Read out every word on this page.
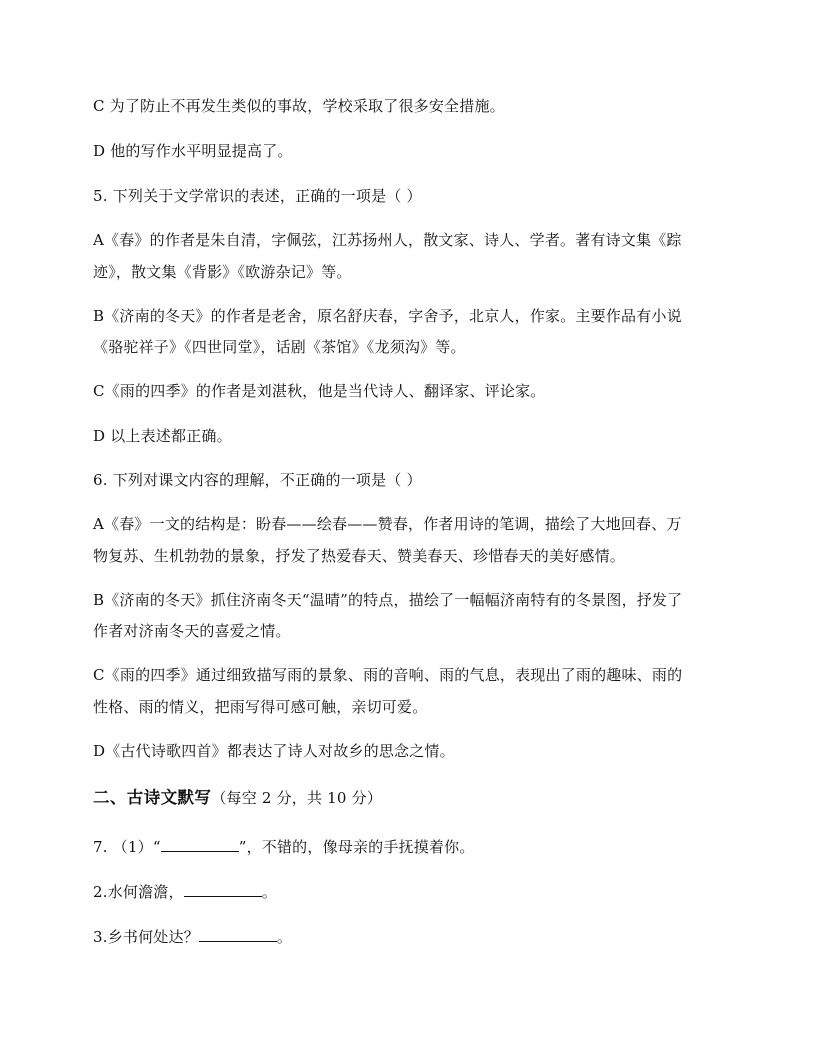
C 为了防止不再发生类似的事故，学校采取了很多安全措施。
D 他的写作水平明显提高了。
5. 下列关于文学常识的表述，正确的一项是（ ）
A《春》的作者是朱自清，字佩弦，江苏扬州人，散文家、诗人、学者。著有诗文集《踪
迹》，散文集《背影》《欧游杂记》等。
B《济南的冬天》的作者是老舍，原名舒庆春，字舍予，北京人，作家。主要作品有小说
《骆驼祥子》《四世同堂》，话剧《茶馆》《龙须沟》等。
C《雨的四季》的作者是刘湛秋，他是当代诗人、翻译家、评论家。
D 以上表述都正确。
6. 下列对课文内容的理解，不正确的一项是（ ）
A《春》一文的结构是：盼春——绘春——赞春，作者用诗的笔调，描绘了大地回春、万
物复苏、生机勃勃的景象，抒发了热爱春天、赞美春天、珍惜春天的美好感情。
B《济南的冬天》抓住济南冬天“温晴”的特点，描绘了一幅幅济南特有的冬景图，抒发了
作者对济南冬天的喜爱之情。
C《雨的四季》通过细致描写雨的景象、雨的音响、雨的气息，表现出了雨的趣味、雨的
性格、雨的情义，把雨写得可感可触，亲切可爱。
D《古代诗歌四首》都表达了诗人对故乡的思念之情。
二、古诗文默写（每空 2 分，共 10 分）
7. （1）“	”，不错的，像母亲的手抚摸着你。
2.水何澹澹，	。
3.乡书何处达？	。
